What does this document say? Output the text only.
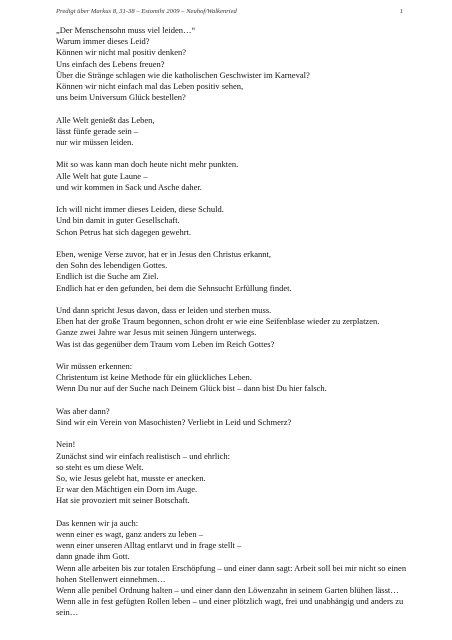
Predigt über Markus 8, 31-38 – Estomihi 2009 – Neuhof/Walkenried	1
„Der Menschensohn muss viel leiden…“
Warum immer dieses Leid?
Können wir nicht mal positiv denken?
Uns einfach des Lebens freuen?
Über die Stränge schlagen wie die katholischen Geschwister im Karneval?
Können wir nicht einfach mal das Leben positiv sehen,
uns beim Universum Glück bestellen?
Alle Welt genießt das Leben,
lässt fünfe gerade sein –
nur wir müssen leiden.
Mit so was kann man doch heute nicht mehr punkten.
Alle Welt hat gute Laune –
und wir kommen in Sack und Asche daher.
Ich will nicht immer dieses Leiden, diese Schuld.
Und bin damit in guter Gesellschaft.
Schon Petrus hat sich dagegen gewehrt.
Eben, wenige Verse zuvor, hat er in Jesus den Christus erkannt,
den Sohn des lebendigen Gottes.
Endlich ist die Suche am Ziel.
Endlich hat er den gefunden, bei dem die Sehnsucht Erfüllung findet.
Und dann spricht Jesus davon, dass er leiden und sterben muss.
Eben hat der große Traum begonnen, schon droht er wie eine Seifenblase wieder zu zerplatzen.
Ganze zwei Jahre war Jesus mit seinen Jüngern unterwegs.
Was ist das gegenüber dem Traum vom Leben im Reich Gottes?
Wir müssen erkennen:
Christentum ist keine Methode für ein glückliches Leben.
Wenn Du nur auf der Suche nach Deinem Glück bist – dann bist Du hier falsch.
Was aber dann?
Sind wir ein Verein von Masochisten? Verliebt in Leid und Schmerz?
Nein!
Zunächst sind wir einfach realistisch – und ehrlich:
so steht es um diese Welt.
So, wie Jesus gelebt hat, musste er anecken.
Er war den Mächtigen ein Dorn im Auge.
Hat sie provoziert mit seiner Botschaft.
Das kennen wir ja auch:
wenn einer es wagt, ganz anders zu leben –
wenn einer unseren Alltag entlarvt und in frage stellt –
dann gnade ihm Gott.
Wenn alle arbeiten bis zur totalen Erschöpfung – und einer dann sagt: Arbeit soll bei mir nicht so einen hohen Stellenwert einnehmen…
Wenn alle penibel Ordnung halten – und einer dann den Löwenzahn in seinem Garten blühen lässt…
Wenn alle in fest gefügten Rollen leben – und einer plötzlich wagt, frei und unabhängig und anders zu sein…
